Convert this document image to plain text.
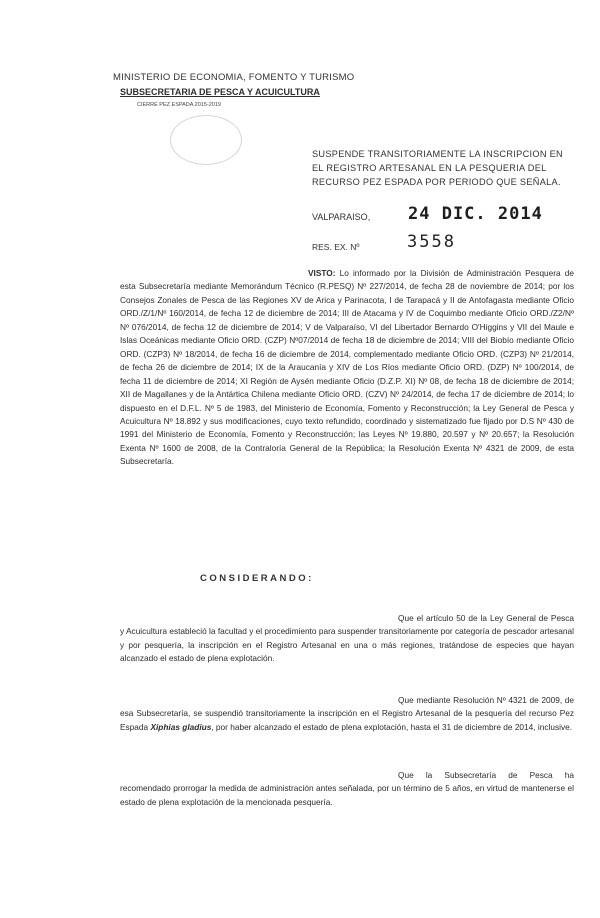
MINISTERIO DE ECONOMIA, FOMENTO Y TURISMO
SUBSECRETARIA DE PESCA Y ACUICULTURA
CIERRE PEZ ESPADA 2015-2019
SUSPENDE TRANSITORIAMENTE LA INSCRIPCION EN EL REGISTRO ARTESANAL EN LA PESQUERIA DEL RECURSO PEZ ESPADA POR PERIODO QUE SEÑALA.
VALPARAISO, 24 DIC. 2014
RES. EX. Nº	3558
VISTO: Lo informado por la División de Administración Pesquera de esta Subsecretaría mediante Memorándum Técnico (R.PESQ) Nº 227/2014, de fecha 28 de noviembre de 2014; por los Consejos Zonales de Pesca de las Regiones XV de Arica y Parinacota, I de Tarapacá y II de Antofagasta mediante Oficio ORD./Z/1/Nº 160/2014, de fecha 12 de diciembre de 2014; III de Atacama y IV de Coquimbo mediante Oficio ORD./Z2/Nº Nº 076/2014, de fecha 12 de diciembre de 2014; V de Valparaíso, VI del Libertador Bernardo O'Higgins y VII del Maule e Islas Oceánicas mediante Oficio ORD. (CZP) Nº07/2014 de fecha 18 de diciembre de 2014; VIII del Biobío mediante Oficio ORD. (CZP3) Nº 18/2014, de fecha 16 de diciembre de 2014, complementado mediante Oficio ORD. (CZP3) Nº 21/2014, de fecha 26 de diciembre de 2014; IX de la Araucanía y XIV de Los Ríos mediante Oficio ORD. (DZP) Nº 100/2014, de fecha 11 de diciembre de 2014; XI Región de Aysén mediante Oficio (D.Z.P. XI) Nº 08, de fecha 18 de diciembre de 2014; XII de Magallanes y de la Antártica Chilena mediante Oficio ORD. (CZV) Nº 24/2014, de fecha 17 de diciembre de 2014; lo dispuesto en el D.F.L. Nº 5 de 1983, del Ministerio de Economía, Fomento y Reconstrucción; la Ley General de Pesca y Acuicultura Nº 18.892 y sus modificaciones, cuyo texto refundido, coordinado y sistematizado fue fijado por D.S Nº 430 de 1991 del Ministerio de Economía, Fomento y Reconstrucción; las Leyes Nº 19.880, 20.597 y Nº 20.657; la Resolución Exenta Nº 1600 de 2008, de la Contraloría General de la República; la Resolución Exenta Nº 4321 de 2009, de esta Subsecretaría.
CONSIDERANDO:
Que el artículo 50 de la Ley General de Pesca y Acuicultura estableció la facultad y el procedimiento para suspender transitoriamente por categoría de pescador artesanal y por pesquería, la inscripción en el Registro Artesanal en una o más regiones, tratándose de especies que hayan alcanzado el estado de plena explotación.
Que mediante Resolución Nº 4321 de 2009, de esa Subsecretaría, se suspendió transitoriamente la inscripción en el Registro Artesanal de la pesquería del recurso Pez Espada Xiphias gladius, por haber alcanzado el estado de plena explotación, hasta el 31 de diciembre de 2014, inclusive.
Que la Subsecretaría de Pesca ha recomendado prorrogar la medida de administración antes señalada, por un término de 5 años, en virtud de mantenerse el estado de plena explotación de la mencionada pesquería.
